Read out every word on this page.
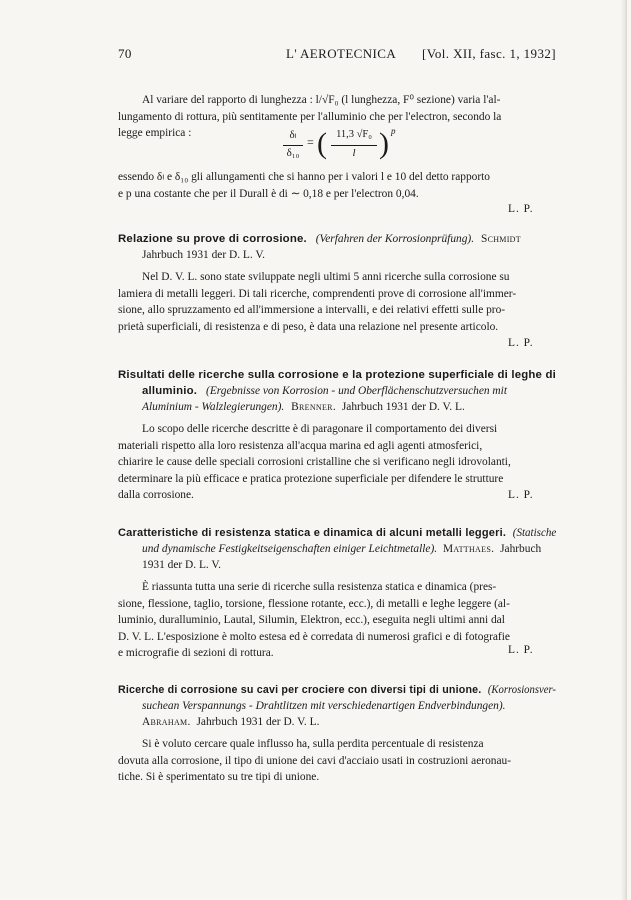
70	L' AEROTECNICA [Vol. XII, fasc. 1, 1932]
Al variare del rapporto di lunghezza : l/√F₀ (l lunghezza, F⁰ sezione) varia l'al-
lungamento di rottura, più sentitamente per l'alluminio che per l'electron, secondo la
legge empirica :	δₗ
δ₁₀
= ( 11,3 √F₀
l ) p
essendo δₗ e δ₁₀ gli allungamenti che si hanno per i valori l e 10 del detto rapporto
e p una costante che per il Durall è di ∼ 0,18 e per l'electron 0,04.
L. P.
Relazione su prove di corrosione. (Verfahren der Korrosionprüfung). Schmidt
Jahrbuch 1931 der D. L. V.
Nel D. V. L. sono state sviluppate negli ultimi 5 anni ricerche sulla corrosione su
lamiera di metalli leggeri. Di tali ricerche, comprendenti prove di corrosione all'immer-
sione, allo spruzzamento ed all'immersione a intervalli, e dei relativi effetti sulle pro-
prietà superficiali, di resistenza e di peso, è data una relazione nel presente articolo.
L. P.
Risultati delle ricerche sulla corrosione e la protezione superficiale di leghe di
alluminio. (Ergebnisse von Korrosion - und Oberflächenschutzversuchen mit
Aluminium - Walzlegierungen). Brenner. Jahrbuch 1931 der D. V. L.
Lo scopo delle ricerche descritte è di paragonare il comportamento dei diversi
materiali rispetto alla loro resistenza all'acqua marina ed agli agenti atmosferici,
chiarire le cause delle speciali corrosioni cristalline che si verificano negli idrovolanti,
determinare la più efficace e pratica protezione superficiale per difendere le strutture
dalla corrosione.	L. P.
Caratteristiche di resistenza statica e dinamica di alcuni metalli leggeri. (Statische
und dynamische Festigkeitseigenschaften einiger Leichtmetalle). Matthaes. Jahrbuch
1931 der D. L. V.
È riassunta tutta una serie di ricerche sulla resistenza statica e dinamica (pres-
sione, flessione, taglio, torsione, flessione rotante, ecc.), di metalli e leghe leggere (al-
luminio, duralluminio, Lautal, Silumin, Elektron, ecc.), eseguita negli ultimi anni dal
D. V. L. L'esposizione è molto estesa ed è corredata di numerosi grafici e di fotografie
e micrografie di sezioni di rottura.	L. P.
Ricerche di corrosione su cavi per crociere con diversi tipi di unione. (Korrosionsver-
suchean Verspannungs - Drahtlitzen mit verschiedenartigen Endverbindungen).
Abraham. Jahrbuch 1931 der D. V. L.
Si è voluto cercare quale influsso ha, sulla perdita percentuale di resistenza
dovuta alla corrosione, il tipo di unione dei cavi d'acciaio usati in costruzioni aeronau-
tiche. Si è sperimentato su tre tipi di unione.
